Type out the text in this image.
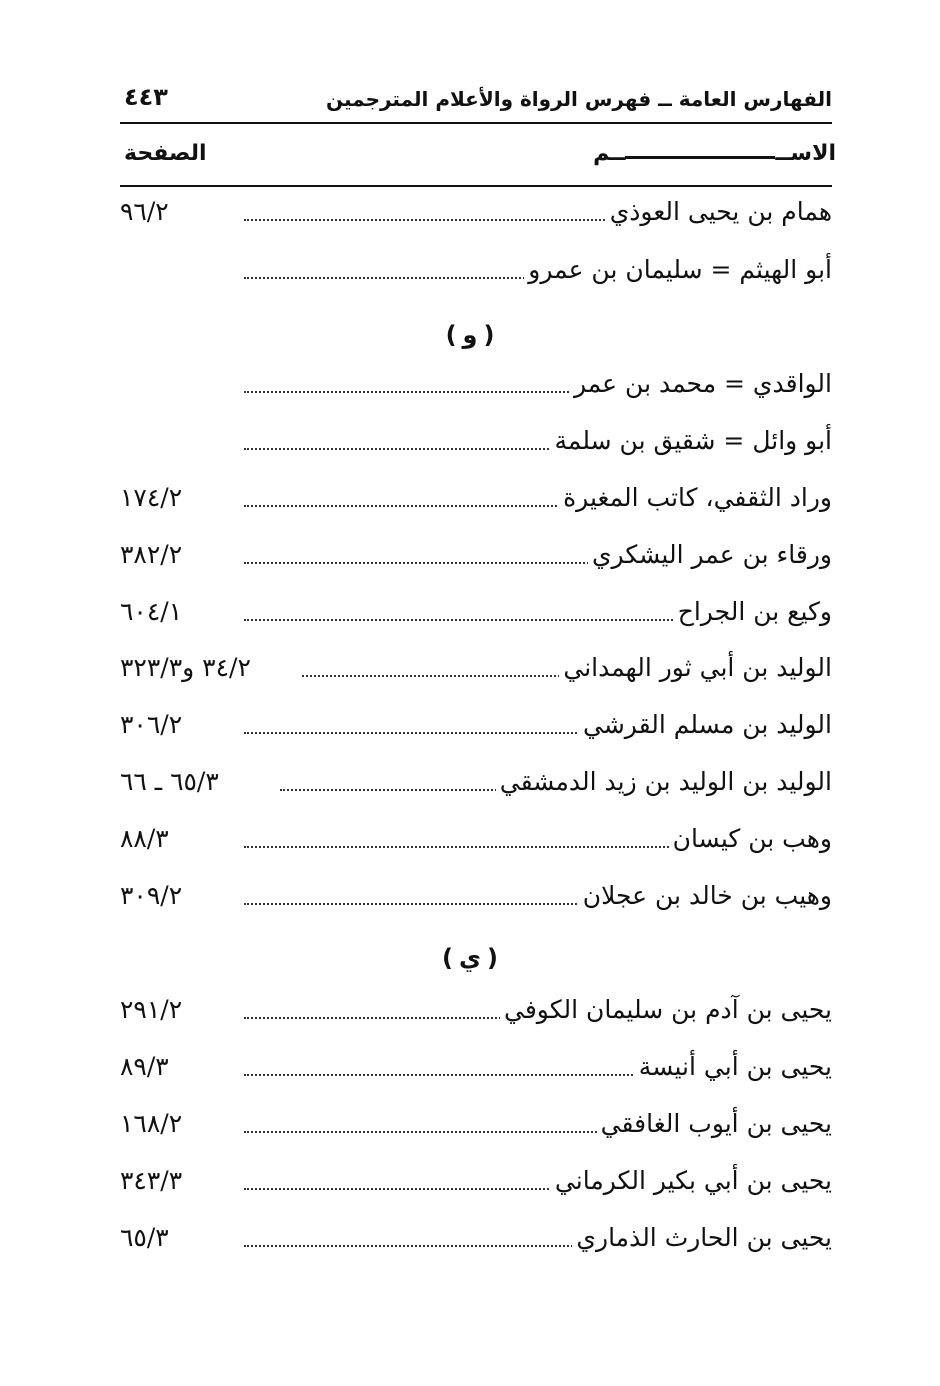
الفهارس العامة ــ فهرس الرواة والأعلام المترجمين
٤٤٣
الاســــم
الصفحة
همام بن يحيى العوذي
٩٦/٢
أبو الهيثم = سليمان بن عمرو
(و)
الواقدي = محمد بن عمر
أبو وائل = شقيق بن سلمة
وراد الثقفي، كاتب المغيرة
١٧٤/٢
ورقاء بن عمر اليشكري
٣٨٢/٢
وكيع بن الجراح
٦٠٤/١
الوليد بن أبي ثور الهمداني
٣٤/٢ و٣٢٣/٣
الوليد بن مسلم القرشي
٣٠٦/٢
الوليد بن الوليد بن زيد الدمشقي
٦٥/٣ ـ ٦٦
وهب بن كيسان
٨٨/٣
وهيب بن خالد بن عجلان
٣٠٩/٢
(ي)
يحيى بن آدم بن سليمان الكوفي
٢٩١/٢
يحيى بن أبي أنيسة
٨٩/٣
يحيى بن أيوب الغافقي
١٦٨/٢
يحيى بن أبي بكير الكرماني
٣٤٣/٣
يحيى بن الحارث الذماري
٦٥/٣
